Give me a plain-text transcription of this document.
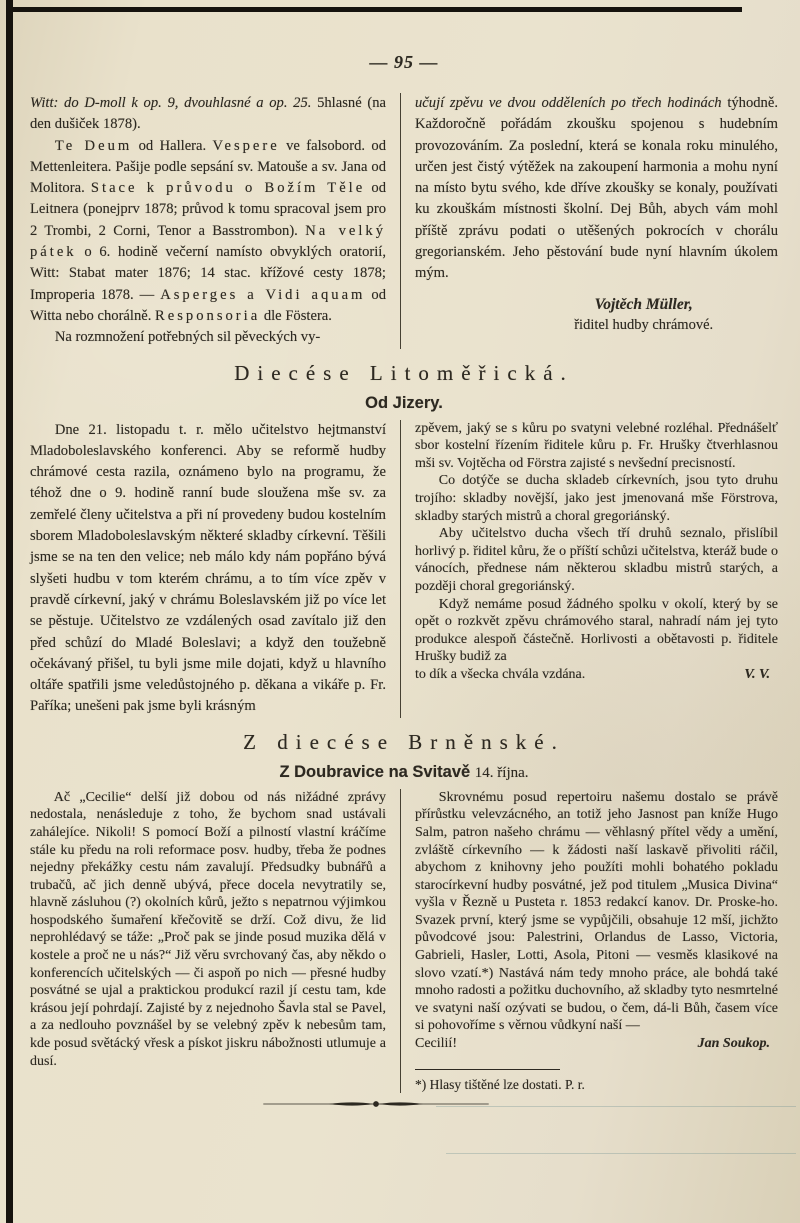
— 95 —

Witt: do D-moll k op. 9, dvouhlasné a op. 25. 5hlasné (na den dušiček 1878).

Te Deum od Hallera. Vespere ve falsobord. od Mettenleitera. Pašije podle sepsání sv. Matouše a sv. Jana od Molitora. Stace k průvodu o Božím Těle od Leitnera (ponejprv 1878; průvod k tomu spracoval jsem pro 2 Trombi, 2 Corni, Tenor a Basstrombon). Na velký pátek o 6. hodině večerní namísto obvyklých oratorií, Witt: Stabat mater 1876; 14 stac. křížové cesty 1878; Improperia 1878. — Asperges a Vidi aquam od Witta nebo chorálně. Responsoria dle Föstera.

Na rozmnožení potřebných sil pěveckých vy-

učují zpěvu ve dvou odděleních po třech hodinách týhodně. Každoročně pořádám zkoušku spojenou s hudebním provozováním. Za poslední, která se konala roku minulého, určen jest čistý výtěžek na zakoupení harmonia a mohu nyní na místo bytu svého, kde dříve zkoušky se konaly, používati ku zkouškám místnosti školní. Dej Bůh, abych vám mohl příště zprávu podati o utěšených pokrocích v chorálu gregorianském. Jeho pěstování bude nyní hlavním úkolem mým.

Vojtěch Müller,
řiditel hudby chrámové.
Diecése Litoměřická.
Od Jizery.

Dne 21. listopadu t. r. mělo učitelstvo hejtmanství Mladoboleslavského konferenci. Aby se reformě hudby chrámové cesta razila, oznámeno bylo na programu, že téhož dne o 9. hodině ranní bude sloužena mše sv. za zemřelé členy učitelstva a při ní provedeny budou kostelním sborem Mladoboleslavským některé skladby církevní. Těšili jsme se na ten den velice; neb málo kdy nám popřáno bývá slyšeti hudbu v tom kterém chrámu, a to tím více zpěv v pravdě církevní, jaký v chrámu Boleslavském již po více let se pěstuje. Učitelstvo ze vzdálených osad zavítalo již den před schůzí do Mladé Boleslavi; a když den toužebně očekávaný přišel, tu byli jsme mile dojati, když u hlavního oltáře spatřili jsme veledůstojného p. děkana a vikáře p. Fr. Paříka; unešeni pak jsme byli krásným

zpěvem, jaký se s kůru po svatyni velebné rozléhal. Přednášelť sbor kostelní řízením řiditele kůru p. Fr. Hrušky čtverhlasnou mši sv. Vojtěcha od Förstra zajisté s nevšední precisností.

Co dotýče se ducha skladeb církevních, jsou tyto druhu trojího: skladby novější, jako jest jmenovaná mše Förstrova, skladby starých mistrů a choral gregoriánský.

Aby učitelstvo ducha všech tří druhů seznalo, přislíbil horlivý p. řiditel kůru, že o příští schůzi učitelstva, kteráž bude o vánocích, přednese nám některou skladbu mistrů starých, a později choral gregoriánský.

Když nemáme posud žádného spolku v okolí, který by se opět o rozkvět zpěvu chrámového staral, nahradí nám jej tyto produkce alespoň částečně. Horlivosti a obětavosti p. řiditele Hrušky budiž za

to dík a všecka chvála vzdána.	V. V.
Z diecése Brněnské.
Z Doubravice na Svitavě 14. října.

Ač „Cecilie“ delší již dobou od nás nižádné zprávy nedostala, nenásleduje z toho, že bychom snad ustávali zahálejíce. Nikoli! S pomocí Boží a pilností vlastní kráčíme stále ku předu na roli reformace posv. hudby, třeba že podnes nejedny překážky cestu nám zavalují. Předsudky bubnářů a trubačů, ač jich denně ubývá, přece docela nevytratily se, hlavně zásluhou (?) okolních kůrů, ježto s nepatrnou výjimkou hospodského šumaření křečovitě se drží. Což divu, že lid neprohlédavý se táže: „Proč pak se jinde posud muzika dělá v kostele a proč ne u nás?“ Již věru svrchovaný čas, aby někdo o konferencích učitelských — či aspoň po nich — přesné hudby posvátné se ujal a praktickou produkcí razil jí cestu tam, kde krásou její pohrdají. Zajisté by z nejednoho Šavla stal se Pavel, a za nedlouho povznášel by se velebný zpěv k nebesům tam, kde posud světácký vřesk a pískot jiskru nábožnosti utlumuje a dusí.

Skrovnému posud repertoiru našemu dostalo se právě přírůstku velevzácného, an totiž jeho Jasnost pan kníže Hugo Salm, patron našeho chrámu — věhlasný přítel vědy a umění, zvláště církevního — k žádosti naší laskavě přivoliti ráčil, abychom z knihovny jeho použíti mohli bohatého pokladu starocírkevní hudby posvátné, jež pod titulem „Musica Divina“ vyšla v Řezně u Pusteta r. 1853 redakcí kanov. Dr. Proske-ho. Svazek první, který jsme se vypůjčili, obsahuje 12 mší, jichžto původcové jsou: Palestrini, Orlandus de Lasso, Victoria, Gabrieli, Hasler, Lotti, Asola, Pitoni — vesměs klasikové na slovo vzatí.*) Nastává nám tedy mnoho práce, ale bohdá také mnoho radosti a požitku duchovního, až skladby tyto nesmrtelné ve svatyni naší ozývati se budou, o čem, dá-li Bůh, časem více si pohovoříme s věrnou vůdkyní naší —

Cecilií!	Jan Soukop.
*) Hlasy tištěné lze dostati. P. r.
